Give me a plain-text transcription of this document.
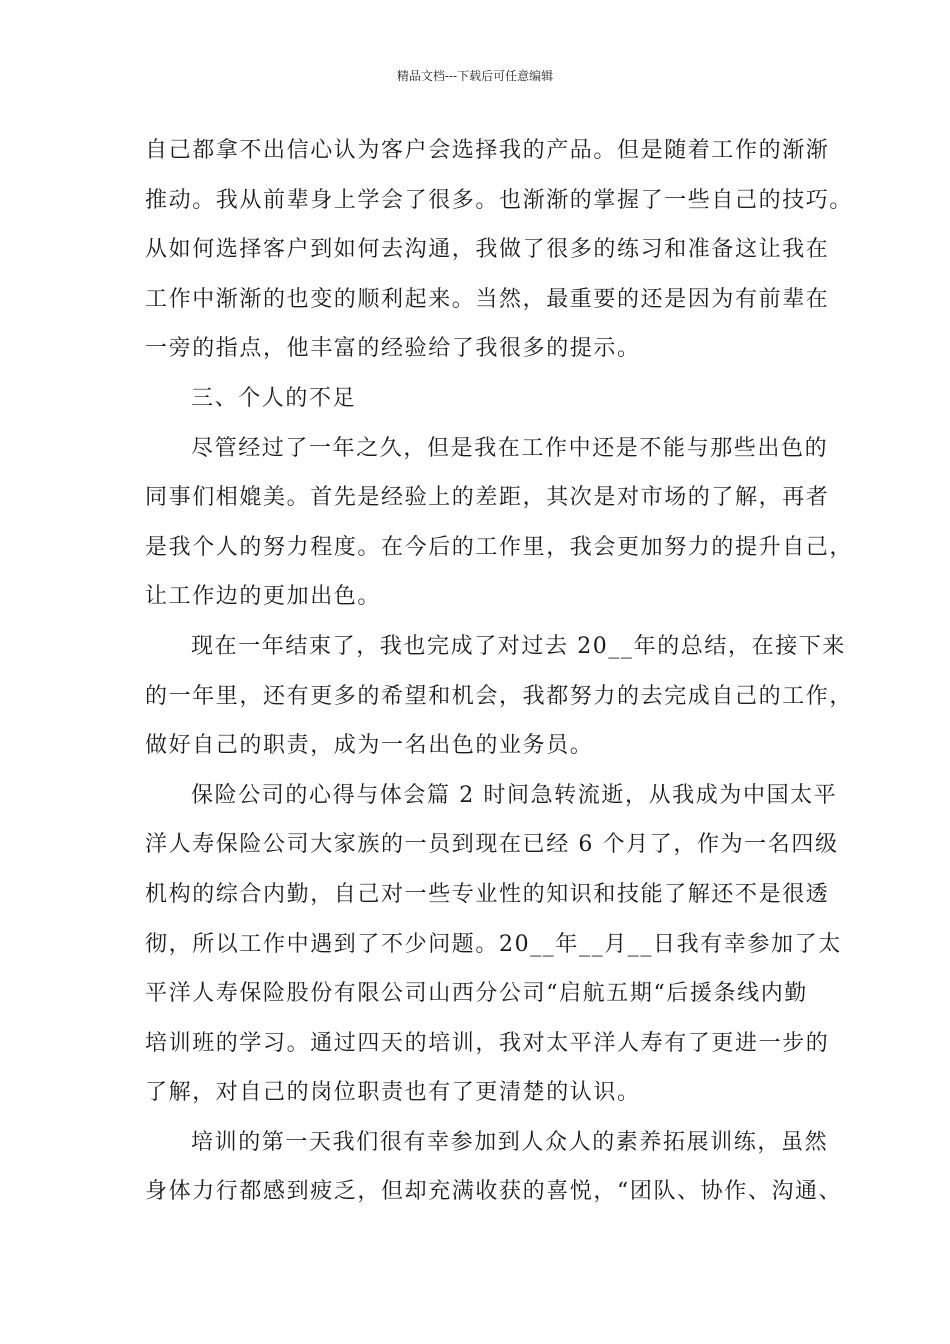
精品文档---下载后可任意编辑
自己都拿不出信心认为客户会选择我的产品。但是随着工作的渐渐
推动。我从前辈身上学会了很多。也渐渐的掌握了一些自己的技巧。
从如何选择客户到如何去沟通，我做了很多的练习和准备这让我在
工作中渐渐的也变的顺利起来。当然，最重要的还是因为有前辈在
一旁的指点，他丰富的经验给了我很多的提示。
三、个人的不足
尽管经过了一年之久，但是我在工作中还是不能与那些出色的
同事们相媲美。首先是经验上的差距，其次是对市场的了解，再者
是我个人的努力程度。在今后的工作里，我会更加努力的提升自己，
让工作边的更加出色。
现在一年结束了，我也完成了对过去 20__年的总结，在接下来
的一年里，还有更多的希望和机会，我都努力的去完成自己的工作，
做好自己的职责，成为一名出色的业务员。
保险公司的心得与体会篇 2 时间急转流逝，从我成为中国太平
洋人寿保险公司大家族的一员到现在已经 6 个月了，作为一名四级
机构的综合内勤，自己对一些专业性的知识和技能了解还不是很透
彻，所以工作中遇到了不少问题。20__年__月__日我有幸参加了太
平洋人寿保险股份有限公司山西分公司“启航五期“后援条线内勤
培训班的学习。通过四天的培训，我对太平洋人寿有了更进一步的
了解，对自己的岗位职责也有了更清楚的认识。
培训的第一天我们很有幸参加到人众人的素养拓展训练，虽然
身体力行都感到疲乏，但却充满收获的喜悦，“团队、协作、沟通、
